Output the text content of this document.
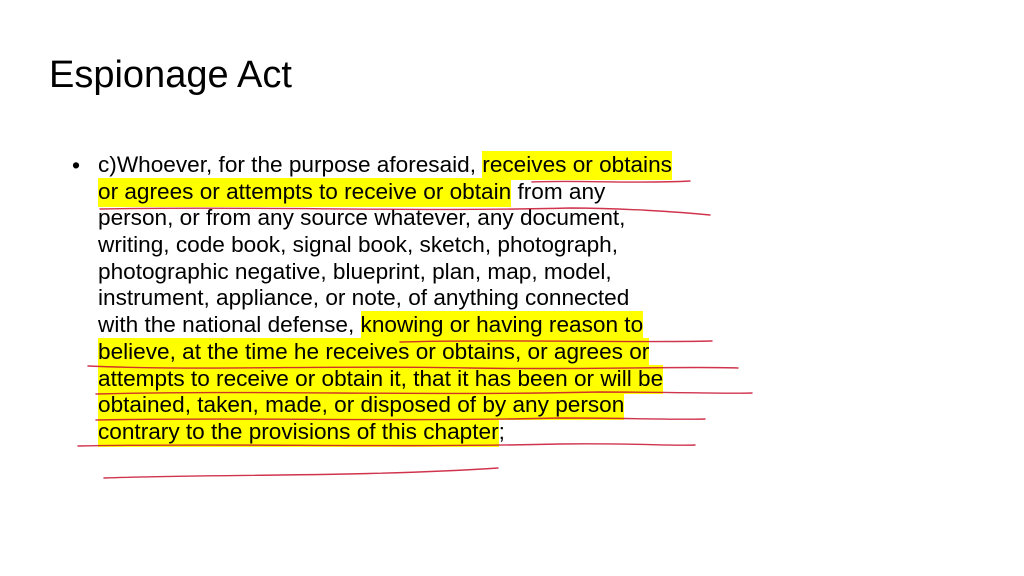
Espionage Act
• c)Whoever, for the purpose aforesaid, receives or obtains
or agrees or attempts to receive or obtain from any
person, or from any source whatever, any document,
writing, code book, signal book, sketch, photograph,
photographic negative, blueprint, plan, map, model,
instrument, appliance, or note, of anything connected
with the national defense, knowing or having reason to
believe, at the time he receives or obtains, or agrees or
attempts to receive or obtain it, that it has been or will be
obtained, taken, made, or disposed of by any person
contrary to the provisions of this chapter;
